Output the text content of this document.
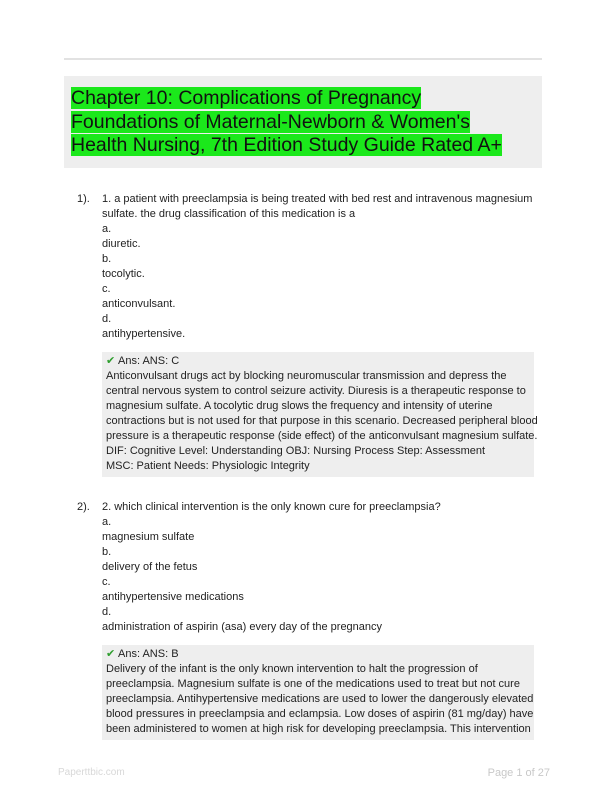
Chapter 10: Complications of Pregnancy
Foundations of Maternal-Newborn & Women's
Health Nursing, 7th Edition Study Guide Rated A+
1). 1. a patient with preeclampsia is being treated with bed rest and intravenous magnesium
sulfate. the drug classification of this medication is a
a.
diuretic.
b.
tocolytic.
c.
anticonvulsant.
d.
antihypertensive.
✔ Ans: ANS: C
Anticonvulsant drugs act by blocking neuromuscular transmission and depress the
central nervous system to control seizure activity. Diuresis is a therapeutic response to
magnesium sulfate. A tocolytic drug slows the frequency and intensity of uterine
contractions but is not used for that purpose in this scenario. Decreased peripheral blood
pressure is a therapeutic response (side effect) of the anticonvulsant magnesium sulfate.
DIF: Cognitive Level: Understanding OBJ: Nursing Process Step: Assessment
MSC: Patient Needs: Physiologic Integrity
2). 2. which clinical intervention is the only known cure for preeclampsia?
a.
magnesium sulfate
b.
delivery of the fetus
c.
antihypertensive medications
d.
administration of aspirin (asa) every day of the pregnancy
✔ Ans: ANS: B
Delivery of the infant is the only known intervention to halt the progression of
preeclampsia. Magnesium sulfate is one of the medications used to treat but not cure
preeclampsia. Antihypertensive medications are used to lower the dangerously elevated
blood pressures in preeclampsia and eclampsia. Low doses of aspirin (81 mg/day) have
been administered to women at high risk for developing preeclampsia. This intervention
Paperttbic.com	Page 1 of 27
